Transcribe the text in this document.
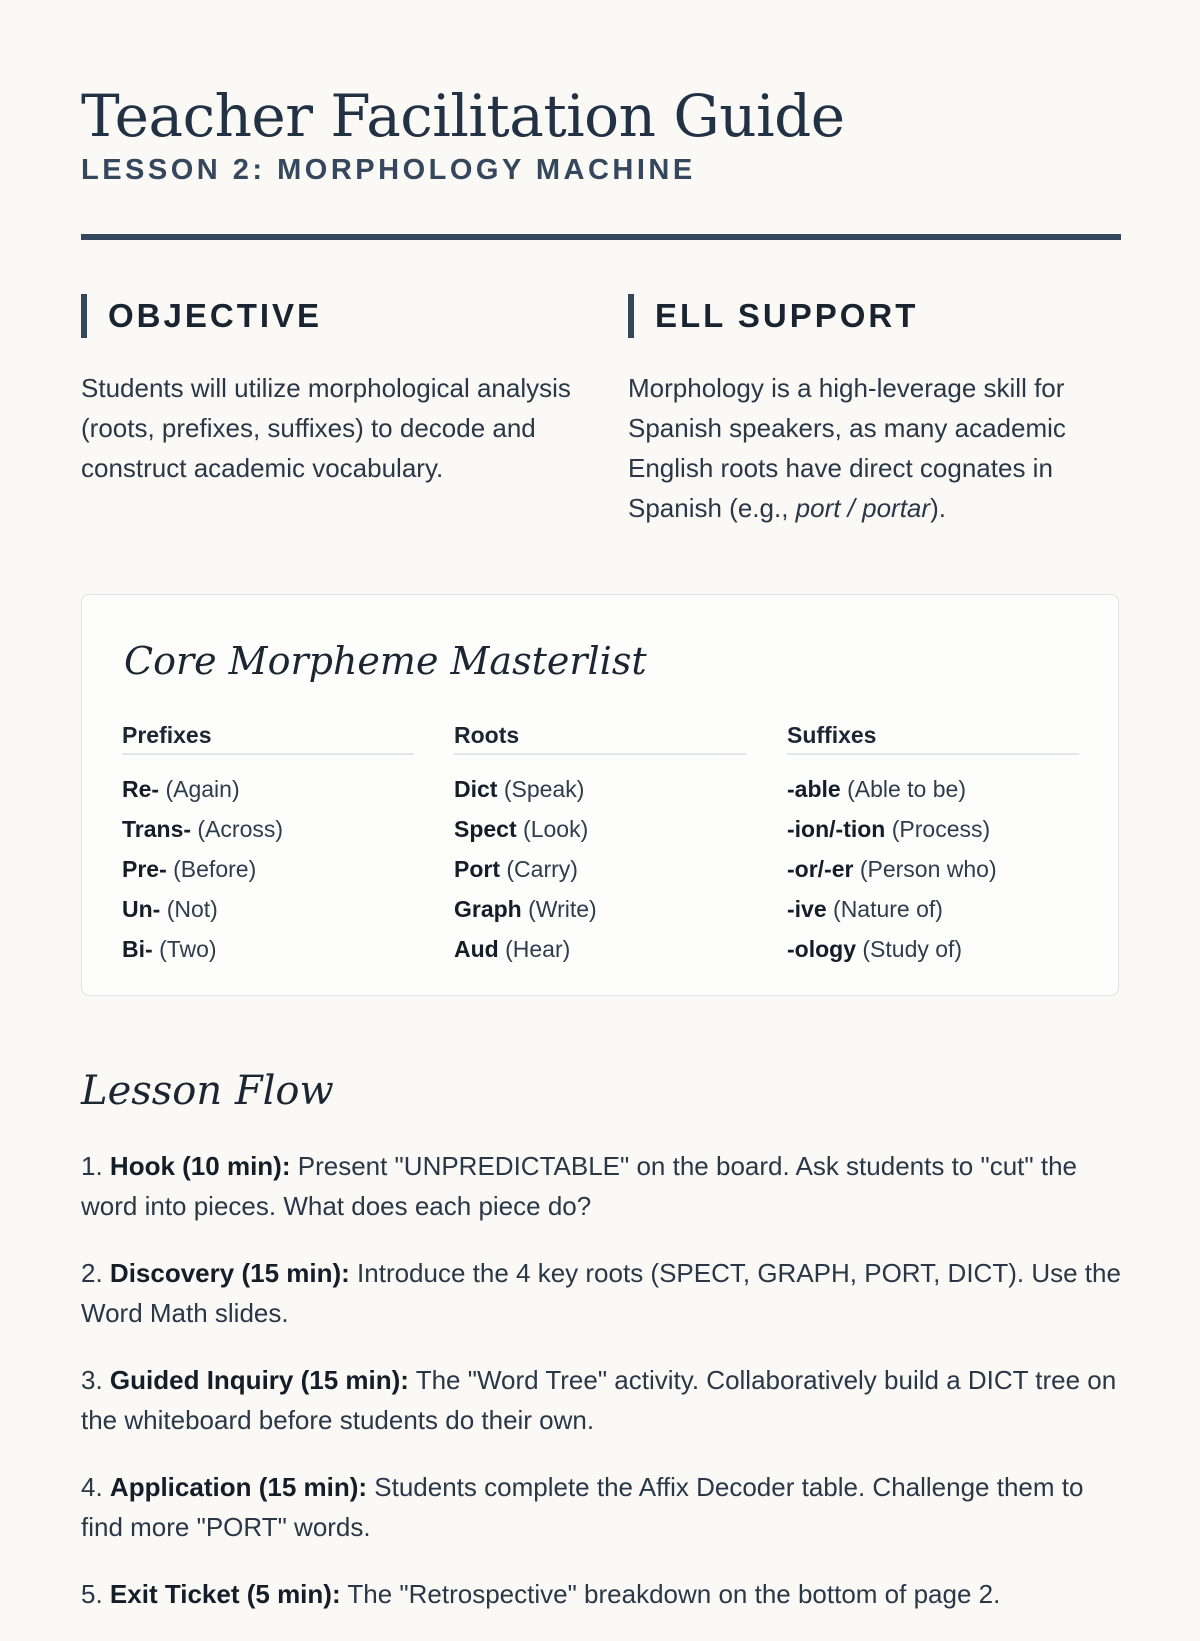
Teacher Facilitation Guide
LESSON 2: MORPHOLOGY MACHINE
OBJECTIVE

Students will utilize morphological analysis (roots, prefixes, suffixes) to decode and construct academic vocabulary.

ELL SUPPORT

Morphology is a high-leverage skill for Spanish speakers, as many academic English roots have direct cognates in Spanish (e.g., port / portar).

Core Morpheme Masterlist
Prefixes
Re- (Again)
Trans- (Across)
Pre- (Before)
Un- (Not)
Bi- (Two)
Roots
Dict (Speak)
Spect (Look)
Port (Carry)
Graph (Write)
Aud (Hear)
Suffixes
-able (Able to be)
-ion/-tion (Process)
-or/-er (Person who)
-ive (Nature of)
-ology (Study of)
Lesson Flow
1. Hook (10 min): Present "UNPREDICTABLE" on the board. Ask students to "cut" the word into pieces. What does each piece do?
2. Discovery (15 min): Introduce the 4 key roots (SPECT, GRAPH, PORT, DICT). Use the Word Math slides.
3. Guided Inquiry (15 min): The "Word Tree" activity. Collaboratively build a DICT tree on the whiteboard before students do their own.
4. Application (15 min): Students complete the Affix Decoder table. Challenge them to find more "PORT" words.
5. Exit Ticket (5 min): The "Retrospective" breakdown on the bottom of page 2.
